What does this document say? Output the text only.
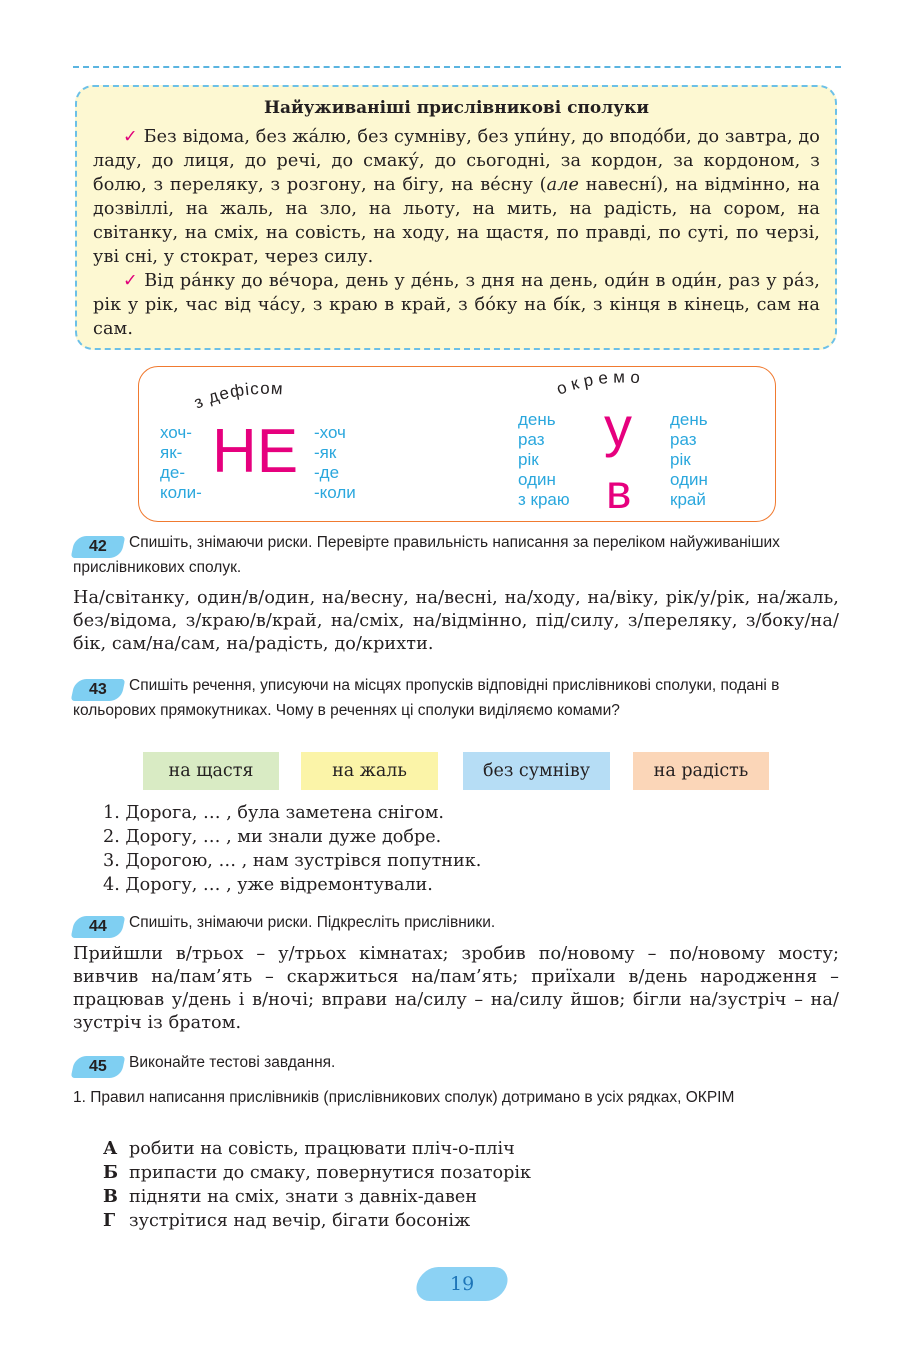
Найуживаніші прислівникові сполуки

✓ Без відома, без жа́лю, без сумніву, без упи́ну, до вподо́би, до завтра, до ладу, до лиця, до речі, до смаку́, до сьогодні, за кордон, за кордоном, з болю, з переляку, з розгону, на бігу, на ве́сну (але навесні́), на відмінно, на дозвіллі, на жаль, на зло, на льоту, на мить, на радість, на сором, на світанку, на сміх, на совість, на ходу, на щастя, по правді, по суті, по черзі, уві сні, у стократ, через силу.

✓ Від ра́нку до ве́чора, день у де́нь, з дня на день, оди́н в оди́н, раз у ра́з, рік у рік, час від ча́су, з краю в край, з бо́ку на бі́к, з кінця в кінець, сам на сам.

з дефісом	окремо
хоч-
як-
де-
коли-
НЕ -хоч
-як
-де
-коли
день
раз
рік
один
з краю
у
в
день
раз
рік
один
край
42 Спишіть, знімаючи риски. Перевірте правильність написання за переліком найуживаніших прислівникових сполук.

На/світанку, один/в/один, на/весну, на/весні, на/ходу, на/віку, рік/у/рік, на/жаль, без/відома, з/краю/в/край, на/сміх, на/відмінно, під/силу, з/переляку, з/боку/на/бік, сам/на/сам, на/радість, до/крихти.

43 Спишіть речення, уписуючи на місцях пропусків відповідні прислівникові сполуки, подані в кольорових прямокутниках. Чому в реченнях ці сполуки виділяємо комами?
на щастя	на жаль	без сумніву	на радість
1. Дорога, … , була заметена снігом.
2. Дорогу, … , ми знали дуже добре.
3. Дорогою, … , нам зустрівся попутник.
4. Дорогу, … , уже відремонтували.
44 Спишіть, знімаючи риски. Підкресліть прислівники.

Прийшли в/трьох – у/трьох кімнатах; зробив по/новому – по/новому мосту; вивчив на/пам’ять – скаржиться на/пам’ять; приїхали в/день народження – працював у/день і в/ночі; вправи на/силу – на/силу йшов; бігли на/зустріч – на/зустріч із братом.

45 Виконайте тестові завдання.
1. Правил написання прислівників (прислівникових сполук) дотримано в усіх рядках, ОКРІМ
А робити на совість, працювати пліч-о-пліч
Б припасти до смаку, повернутися позаторік
В підняти на сміх, знати з давніх-давен
Г зустрітися над вечір, бігати босоніж
19
